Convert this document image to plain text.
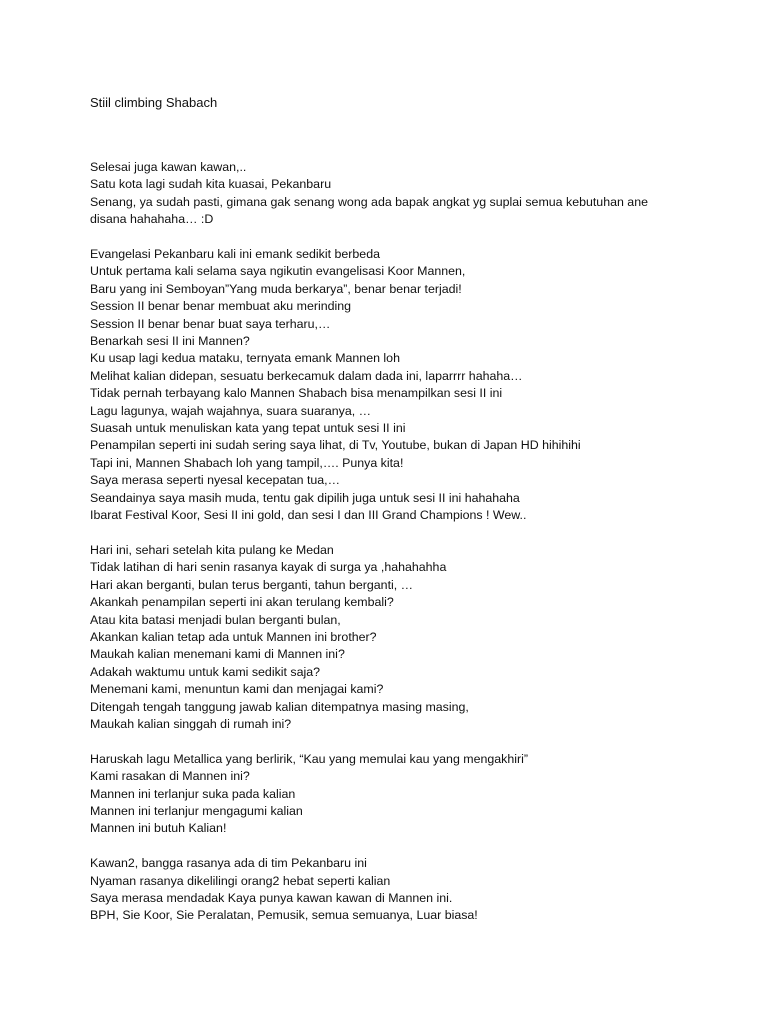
Stiil climbing Shabach
Selesai juga kawan kawan,..
Satu kota lagi sudah kita kuasai, Pekanbaru
Senang, ya sudah pasti, gimana gak senang wong ada bapak angkat yg suplai semua kebutuhan ane
disana hahahaha… :D
Evangelasi Pekanbaru kali ini emank sedikit berbeda
Untuk pertama kali selama saya ngikutin evangelisasi Koor Mannen,
Baru yang ini Semboyan”Yang muda berkarya”, benar benar terjadi!
Session II benar benar membuat aku merinding
Session II benar benar buat saya terharu,…
Benarkah sesi II ini Mannen?
Ku usap lagi kedua mataku, ternyata emank Mannen loh
Melihat kalian didepan, sesuatu berkecamuk dalam dada ini, laparrrr hahaha…
Tidak pernah terbayang kalo Mannen Shabach bisa menampilkan sesi II ini
Lagu lagunya, wajah wajahnya, suara suaranya, …
Suasah untuk menuliskan kata yang tepat untuk sesi II ini
Penampilan seperti ini sudah sering saya lihat, di Tv, Youtube, bukan di Japan HD hihihihi
Tapi ini, Mannen Shabach loh yang tampil,…. Punya kita!
Saya merasa seperti nyesal kecepatan tua,…
Seandainya saya masih muda, tentu gak dipilih juga untuk sesi II ini hahahaha
Ibarat Festival Koor, Sesi II ini gold, dan sesi I dan III Grand Champions ! Wew..
Hari ini, sehari setelah kita pulang ke Medan
Tidak latihan di hari senin rasanya kayak di surga ya ,hahahahha
Hari akan berganti, bulan terus berganti, tahun berganti, …
Akankah penampilan seperti ini akan terulang kembali?
Atau kita batasi menjadi bulan berganti bulan,
Akankan kalian tetap ada untuk Mannen ini brother?
Maukah kalian menemani kami di Mannen ini?
Adakah waktumu untuk kami sedikit saja?
Menemani kami, menuntun kami dan menjagai kami?
Ditengah tengah tanggung jawab kalian ditempatnya masing masing,
Maukah kalian singgah di rumah ini?
Haruskah lagu Metallica yang berlirik, “Kau yang memulai kau yang mengakhiri”
Kami rasakan di Mannen ini?
Mannen ini terlanjur suka pada kalian
Mannen ini terlanjur mengagumi kalian
Mannen ini butuh Kalian!
Kawan2, bangga rasanya ada di tim Pekanbaru ini
Nyaman rasanya dikelilingi orang2 hebat seperti kalian
Saya merasa mendadak Kaya punya kawan kawan di Mannen ini.
BPH, Sie Koor, Sie Peralatan, Pemusik, semua semuanya, Luar biasa!
